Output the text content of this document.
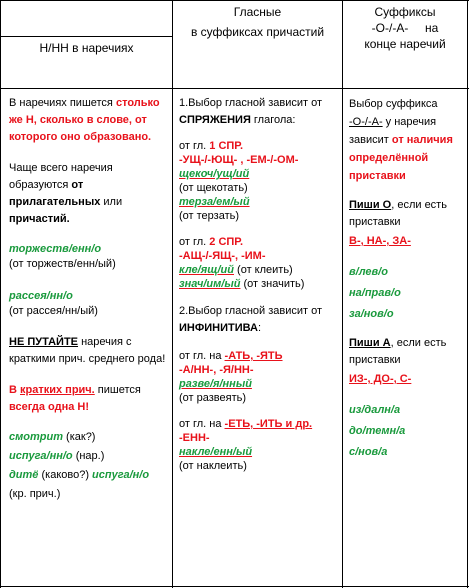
Н/НН в наречиях
Гласные
в суффиксах причастий
Суффиксы
-О-/-А-     на
конце наречий

В наречиях пишется столько же Н, сколько в слове, от которого оно образовано.

Чаще всего наречия образуются от прилагательных или причастий.

торжеств/енн/о
(от торжеств/енн/ый)

рассея/нн/о
(от рассея/нн/ый)

НЕ ПУТАЙТЕ наречия с краткими прич. среднего рода!

В кратких прич. пишется всегда одна Н!

смотрит (как?)
испуга/нн/о (нар.)
дитё (каково?) испуга/н/о
(кр. прич.)

1.Выбор гласной зависит от СПРЯЖЕНИЯ глагола:

от гл. 1 СПР.
-УЩ-/-ЮЩ- , -ЕМ-/-ОМ-
щекоч/ущ/ий
(от щекотать)
терзa/ем/ый
(от терзать)

от гл. 2 СПР.
-АЩ-/-ЯЩ-, -ИМ-
кле/ящ/ий (от клеить)
знач/им/ый (от значить)

2.Выбор гласной зависит от ИНФИНИТИВА:

от гл. на -АТЬ, -ЯТЬ
-А/НН-, -Я/НН-
разве/я/нный
(от развеять)

от гл. на -ЕТЬ, -ИТЬ и др.
-ЕНН-
накле/енн/ый
(от наклеить)

Выбор суффикса -О-/-А- у наречия зависит от наличия определённой приставки

Пиши О, если есть приставки
В-, НА-, ЗА-

в/лев/о
на/прав/о
за/нов/о

Пиши А, если есть приставки
ИЗ-, ДО-, С-

из/далн/а
до/темн/а
с/нов/а
